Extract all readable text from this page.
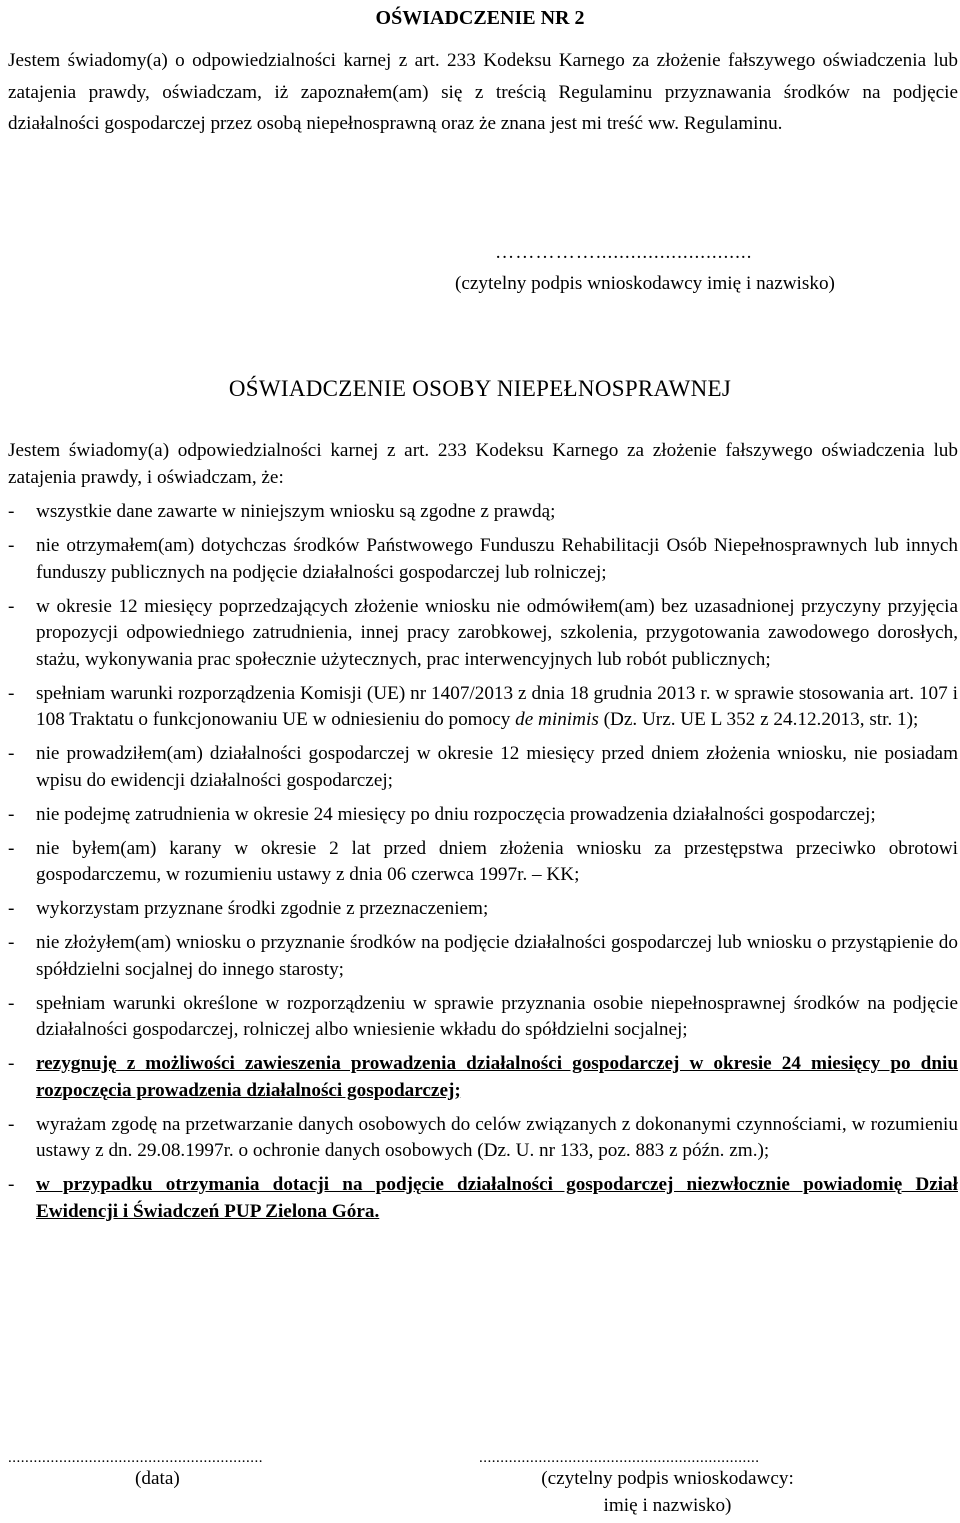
OŚWIADCZENIE NR 2
Jestem świadomy(a) o odpowiedzialności karnej z art. 233 Kodeksu Karnego za złożenie fałszywego oświadczenia lub zatajenia prawdy, oświadczam, iż zapoznałem(am) się z treścią Regulaminu przyznawania środków na podjęcie działalności gospodarczej przez osobą niepełnosprawną oraz że znana jest mi treść ww. Regulaminu.
……………...........................
(czytelny podpis wnioskodawcy imię i nazwisko)
OŚWIADCZENIE OSOBY NIEPEŁNOSPRAWNEJ
Jestem świadomy(a) odpowiedzialności karnej z art. 233 Kodeksu Karnego za złożenie fałszywego oświadczenia lub zatajenia prawdy, i oświadczam, że:
- wszystkie dane zawarte w niniejszym wniosku są zgodne z prawdą;
- nie otrzymałem(am) dotychczas środków Państwowego Funduszu Rehabilitacji Osób Niepełnosprawnych lub innych funduszy publicznych na podjęcie działalności gospodarczej lub rolniczej;
- w okresie 12 miesięcy poprzedzających złożenie wniosku nie odmówiłem(am) bez uzasadnionej przyczyny przyjęcia propozycji odpowiedniego zatrudnienia, innej pracy zarobkowej, szkolenia, przygotowania zawodowego dorosłych, stażu, wykonywania prac społecznie użytecznych, prac interwencyjnych lub robót publicznych;
- spełniam warunki rozporządzenia Komisji (UE) nr 1407/2013 z dnia 18 grudnia 2013 r. w sprawie stosowania art. 107 i 108 Traktatu o funkcjonowaniu UE w odniesieniu do pomocy de minimis (Dz. Urz. UE L 352 z 24.12.2013, str. 1);
- nie prowadziłem(am) działalności gospodarczej w okresie 12 miesięcy przed dniem złożenia wniosku, nie posiadam wpisu do ewidencji działalności gospodarczej;
- nie podejmę zatrudnienia w okresie 24 miesięcy po dniu rozpoczęcia prowadzenia działalności gospodarczej;
- nie byłem(am) karany w okresie 2 lat przed dniem złożenia wniosku za przestępstwa przeciwko obrotowi gospodarczemu, w rozumieniu ustawy z dnia 06 czerwca 1997r. – KK;
- wykorzystam przyznane środki zgodnie z przeznaczeniem;
- nie złożyłem(am) wniosku o przyznanie środków na podjęcie działalności gospodarczej lub wniosku o przystąpienie do spółdzielni socjalnej do innego starosty;
- spełniam warunki określone w rozporządzeniu w sprawie przyznania osobie niepełnosprawnej środków na podjęcie działalności gospodarczej, rolniczej albo wniesienie wkładu do spółdzielni socjalnej;
- rezygnuję z możliwości zawieszenia prowadzenia działalności gospodarczej w okresie 24 miesięcy po dniu rozpoczęcia prowadzenia działalności gospodarczej;
- wyrażam zgodę na przetwarzanie danych osobowych do celów związanych z dokonanymi czynnościami, w rozumieniu ustawy z dn. 29.08.1997r. o ochronie danych osobowych (Dz. U. nr 133, poz. 883 z późn. zm.);
- w przypadku otrzymania dotacji na podjęcie działalności gospodarczej niezwłocznie powiadomię Dział Ewidencji i Świadczeń PUP Zielona Góra.
............................................................
(data)
..................................................................
(czytelny podpis wnioskodawcy:
imię i nazwisko)
